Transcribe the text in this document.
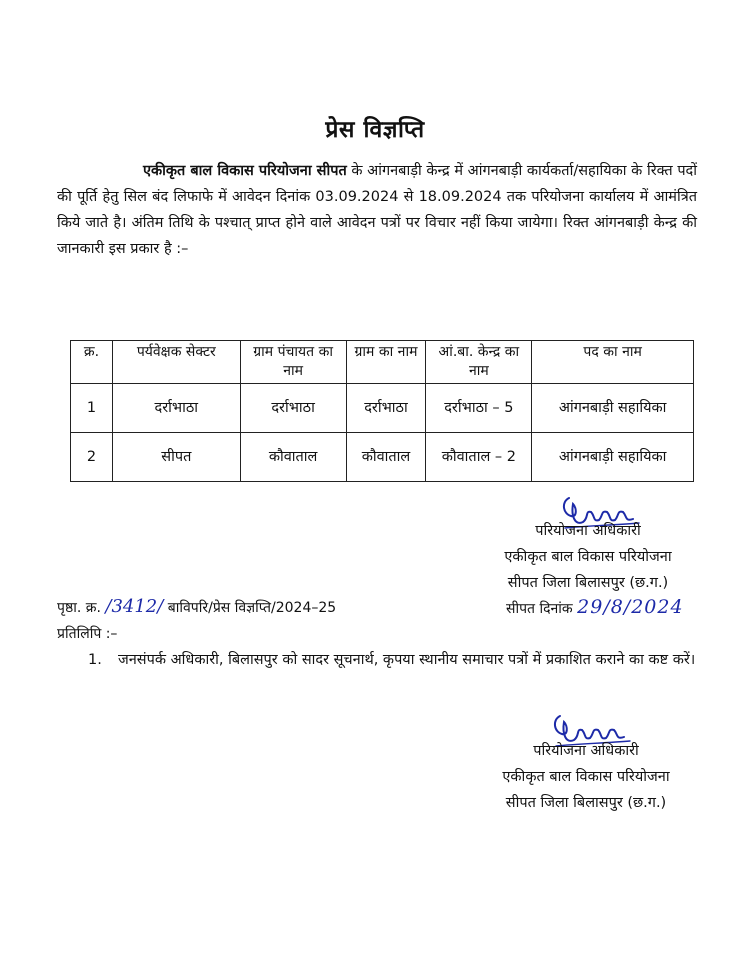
प्रेस विज्ञप्ति
एकीकृत बाल विकास परियोजना सीपत के आंगनबाड़ी केन्द्र में आंगनबाड़ी कार्यकर्ता/सहायिका के रिक्त पदों की पूर्ति हेतु सिल बंद लिफाफे में आवेदन दिनांक 03.09.2024 से 18.09.2024 तक परियोजना कार्यालय में आमंत्रित किये जाते है। अंतिम तिथि के पश्चात् प्राप्त होने वाले आवेदन पत्रों पर विचार नहीं किया जायेगा। रिक्त आंगनबाड़ी केन्द्र की जानकारी इस प्रकार है :–
क्र.	पर्यवेक्षक सेक्टर	ग्राम पंचायत का नाम	ग्राम का नाम	आं.बा. केन्द्र का नाम	पद का नाम
1	दर्राभाठा	दर्राभाठा	दर्राभाठा	दर्राभाठा – 5	आंगनबाड़ी सहायिका
2	सीपत	कौवाताल	कौवाताल	कौवाताल – 2	आंगनबाड़ी सहायिका
परियोजना अधिकारी
एकीकृत बाल विकास परियोजना
सीपत जिला बिलासपुर (छ.ग.)
पृष्ठा. क्र. /3412/ बाविपरि/प्रेस विज्ञप्ति/2024–25	सीपत दिनांक 29/8/2024
प्रतिलिपि :–
1.	जनसंपर्क अधिकारी, बिलासपुर को सादर सूचनार्थ, कृपया स्थानीय समाचार पत्रों में प्रकाशित कराने का कष्ट करें।
परियोजना अधिकारी
एकीकृत बाल विकास परियोजना
सीपत जिला बिलासपुर (छ.ग.)
